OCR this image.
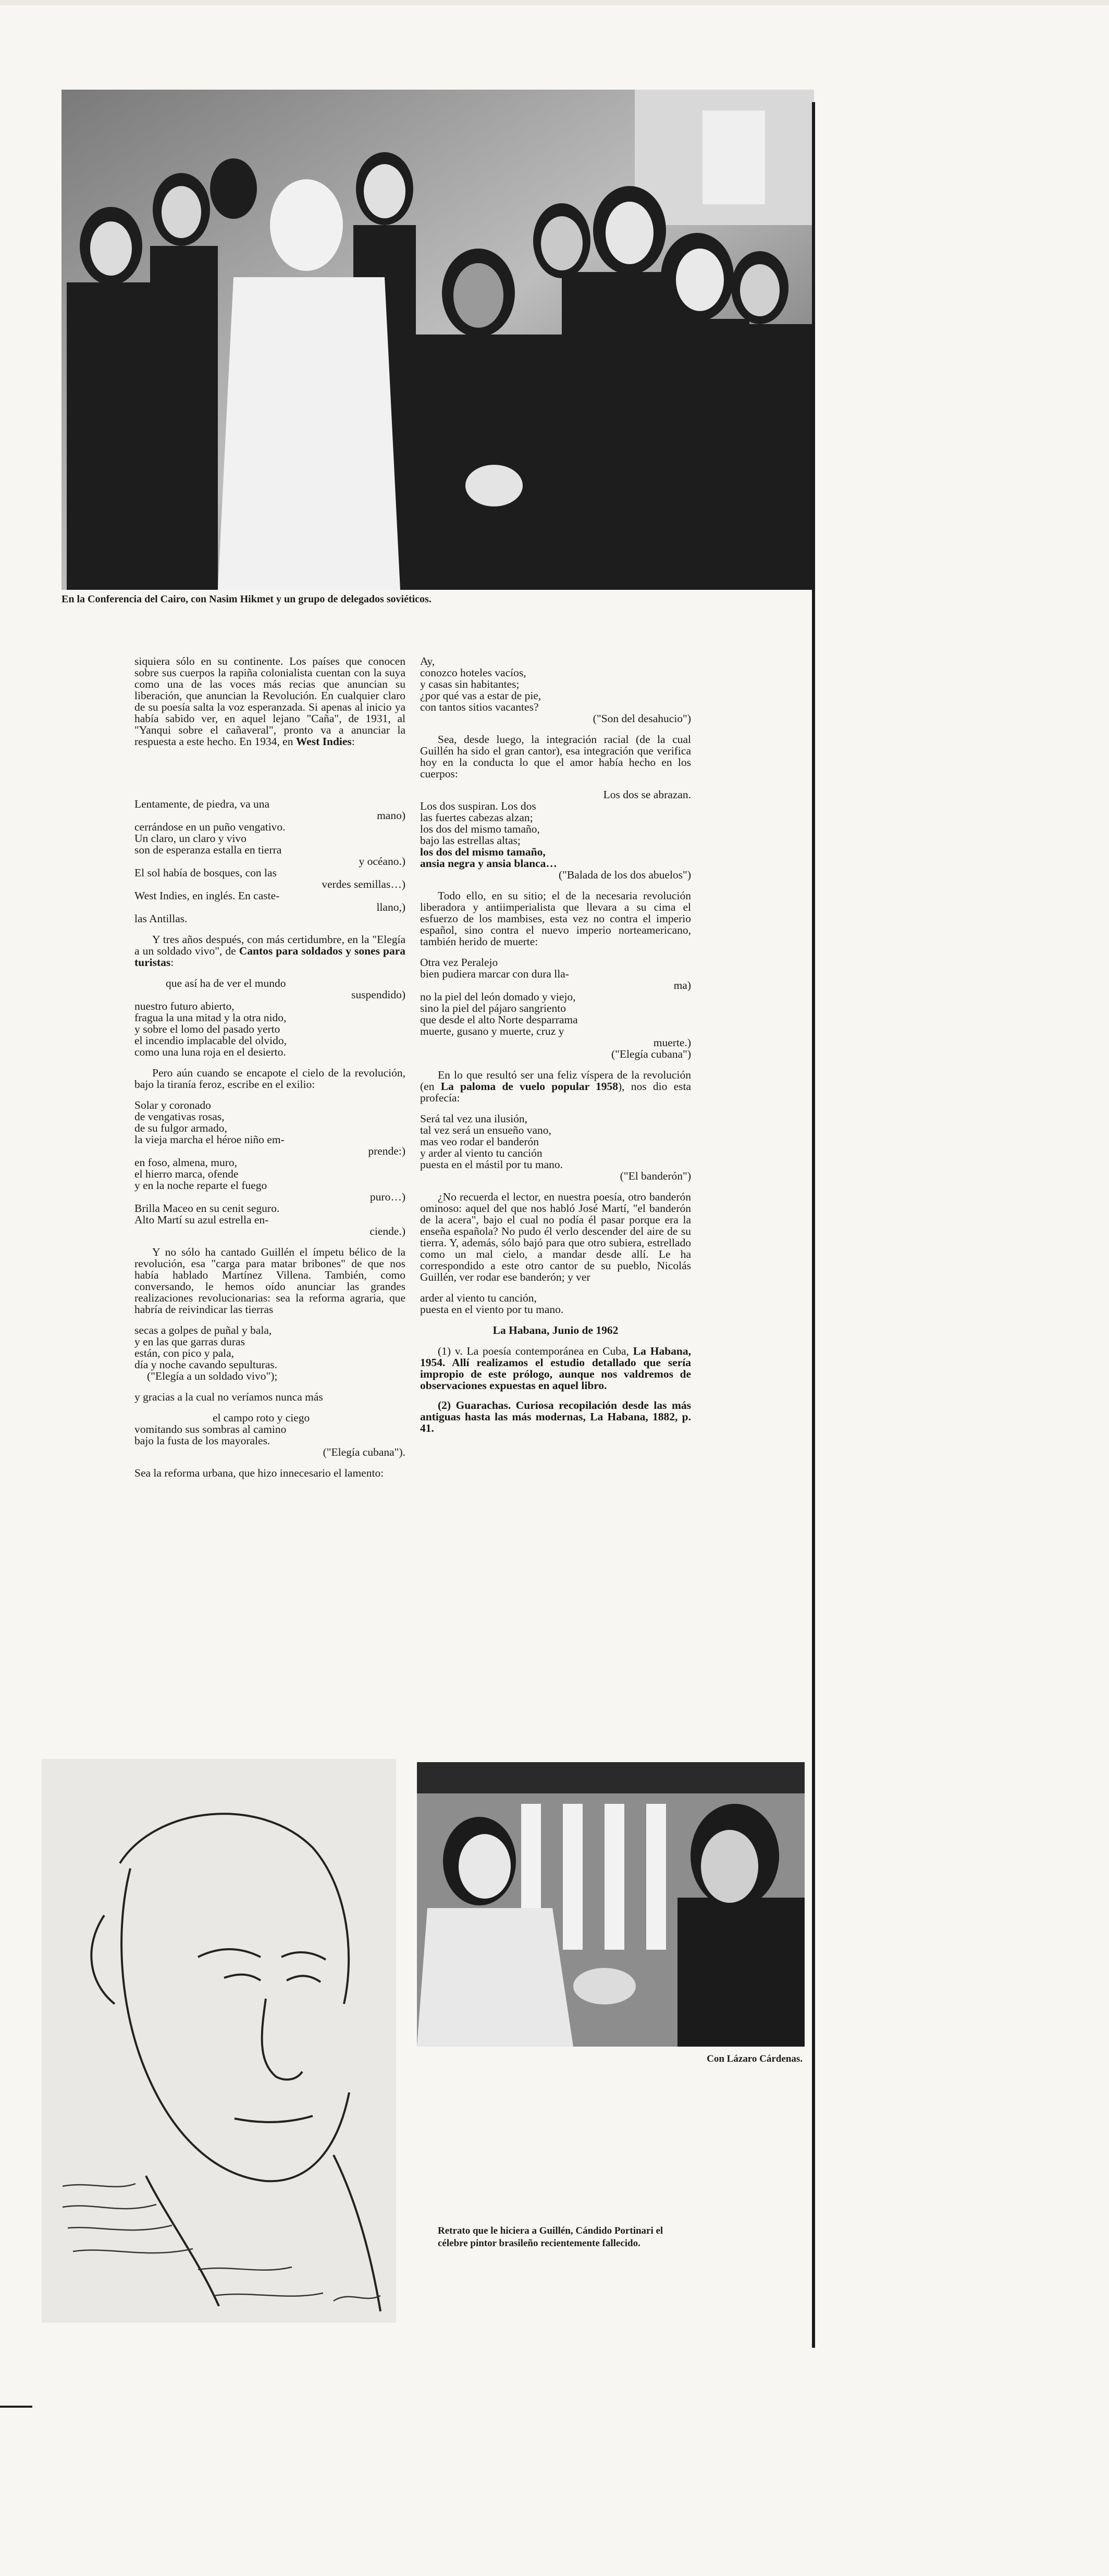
En la Conferencia del Cairo, con Nasim Hikmet y un grupo de delegados soviéticos.

siquiera sólo en su continente. Los países que conocen sobre sus cuerpos la rapiña colonialista cuentan con la suya como una de las voces más recias que anuncian su liberación, que anuncian la Revolución. En cualquier claro de su poesía salta la voz esperanzada. Si apenas al inicio ya había sabido ver, en aquel lejano "Caña", de 1931, al "Yanqui sobre el cañaveral", pronto va a anunciar la respuesta a este hecho. En 1934, en West Indies:

Lentamente, de piedra, va una
mano)
cerrándose en un puño vengativo.
Un claro, un claro y vivo
son de esperanza estalla en tierra
y océano.)
El sol había de bosques, con las
verdes semillas…)
West Indies, en inglés. En caste-
llano,)
las Antillas.

Y tres años después, con más certidumbre, en la "Elegía a un soldado vivo", de Cantos para soldados y sones para turistas:

que así ha de ver el mundo
suspendido)
nuestro futuro abierto,
fragua la una mitad y la otra nido,
y sobre el lomo del pasado yerto
el incendio implacable del olvido,
como una luna roja en el desierto.

Pero aún cuando se encapote el cielo de la revolución, bajo la tiranía feroz, escribe en el exilio:

Solar y coronado
de vengativas rosas,
de su fulgor armado,
la vieja marcha el héroe niño em-
prende:)
en foso, almena, muro,
el hierro marca, ofende
y en la noche reparte el fuego
puro…)
Brilla Maceo en su cenit seguro.
Alto Martí su azul estrella en-
ciende.)

Y no sólo ha cantado Guillén el ímpetu bélico de la revolución, esa "carga para matar bribones" de que nos había hablado Martínez Villena. También, como conversando, le hemos oído anunciar las grandes realizaciones revolucionarias: sea la reforma agraria, que habría de reivindicar las tierras

secas a golpes de puñal y bala,
y en las que garras duras
están, con pico y pala,
día y noche cavando sepulturas.
("Elegía a un soldado vivo");

y gracias a la cual no veríamos nunca más

el campo roto y ciego
vomitando sus sombras al camino
bajo la fusta de los mayorales.
("Elegía cubana").

Sea la reforma urbana, que hizo innecesario el lamento:

Ay,
conozco hoteles vacíos,
y casas sin habitantes;
¿por qué vas a estar de pie,
con tantos sitios vacantes?
("Son del desahucio")

Sea, desde luego, la integración racial (de la cual Guillén ha sido el gran cantor), esa integración que verifica hoy en la conducta lo que el amor había hecho en los cuerpos:

Los dos se abrazan.
Los dos suspiran. Los dos
las fuertes cabezas alzan;
los dos del mismo tamaño,
bajo las estrellas altas;
los dos del mismo tamaño,
ansia negra y ansia blanca…
("Balada de los dos abuelos")

Todo ello, en su sitio; el de la necesaria revolución liberadora y antiimperialista que llevara a su cima el esfuerzo de los mambises, esta vez no contra el imperio español, sino contra el nuevo imperio norteamericano, también herido de muerte:

Otra vez Peralejo
bien pudiera marcar con dura lla-
ma)
no la piel del león domado y viejo,
sino la piel del pájaro sangriento
que desde el alto Norte desparrama
muerte, gusano y muerte, cruz y
muerte.)
("Elegía cubana")

En lo que resultó ser una feliz víspera de la revolución (en La paloma de vuelo popular 1958), nos dio esta profecía:

Será tal vez una ilusión,
tal vez será un ensueño vano,
mas veo rodar el banderón
y arder al viento tu canción
puesta en el mástil por tu mano.
("El banderón")

¿No recuerda el lector, en nuestra poesía, otro banderón ominoso: aquel del que nos habló José Martí, "el banderón de la acera", bajo el cual no podía él pasar porque era la enseña española? No pudo él verlo descender del aire de su tierra. Y, además, sólo bajó para que otro subiera, estrellado como un mal cielo, a mandar desde allí. Le ha correspondido a este otro cantor de su pueblo, Nicolás Guillén, ver rodar ese banderón; y ver

arder al viento tu canción,
puesta en el viento por tu mano.
La Habana, Junio de 1962
(1) v. La poesía contemporánea en Cuba, La Habana, 1954. Allí realizamos el estudio detallado que sería impropio de este prólogo, aunque nos valdremos de observaciones expuestas en aquel libro.
(2) Guarachas. Curiosa recopilación desde las más antiguas hasta las más modernas, La Habana, 1882, p. 41.
Con Lázaro Cárdenas.
Retrato que le hiciera a Guillén, Cándido Portinari el célebre pintor brasileño recientemente fallecido.
